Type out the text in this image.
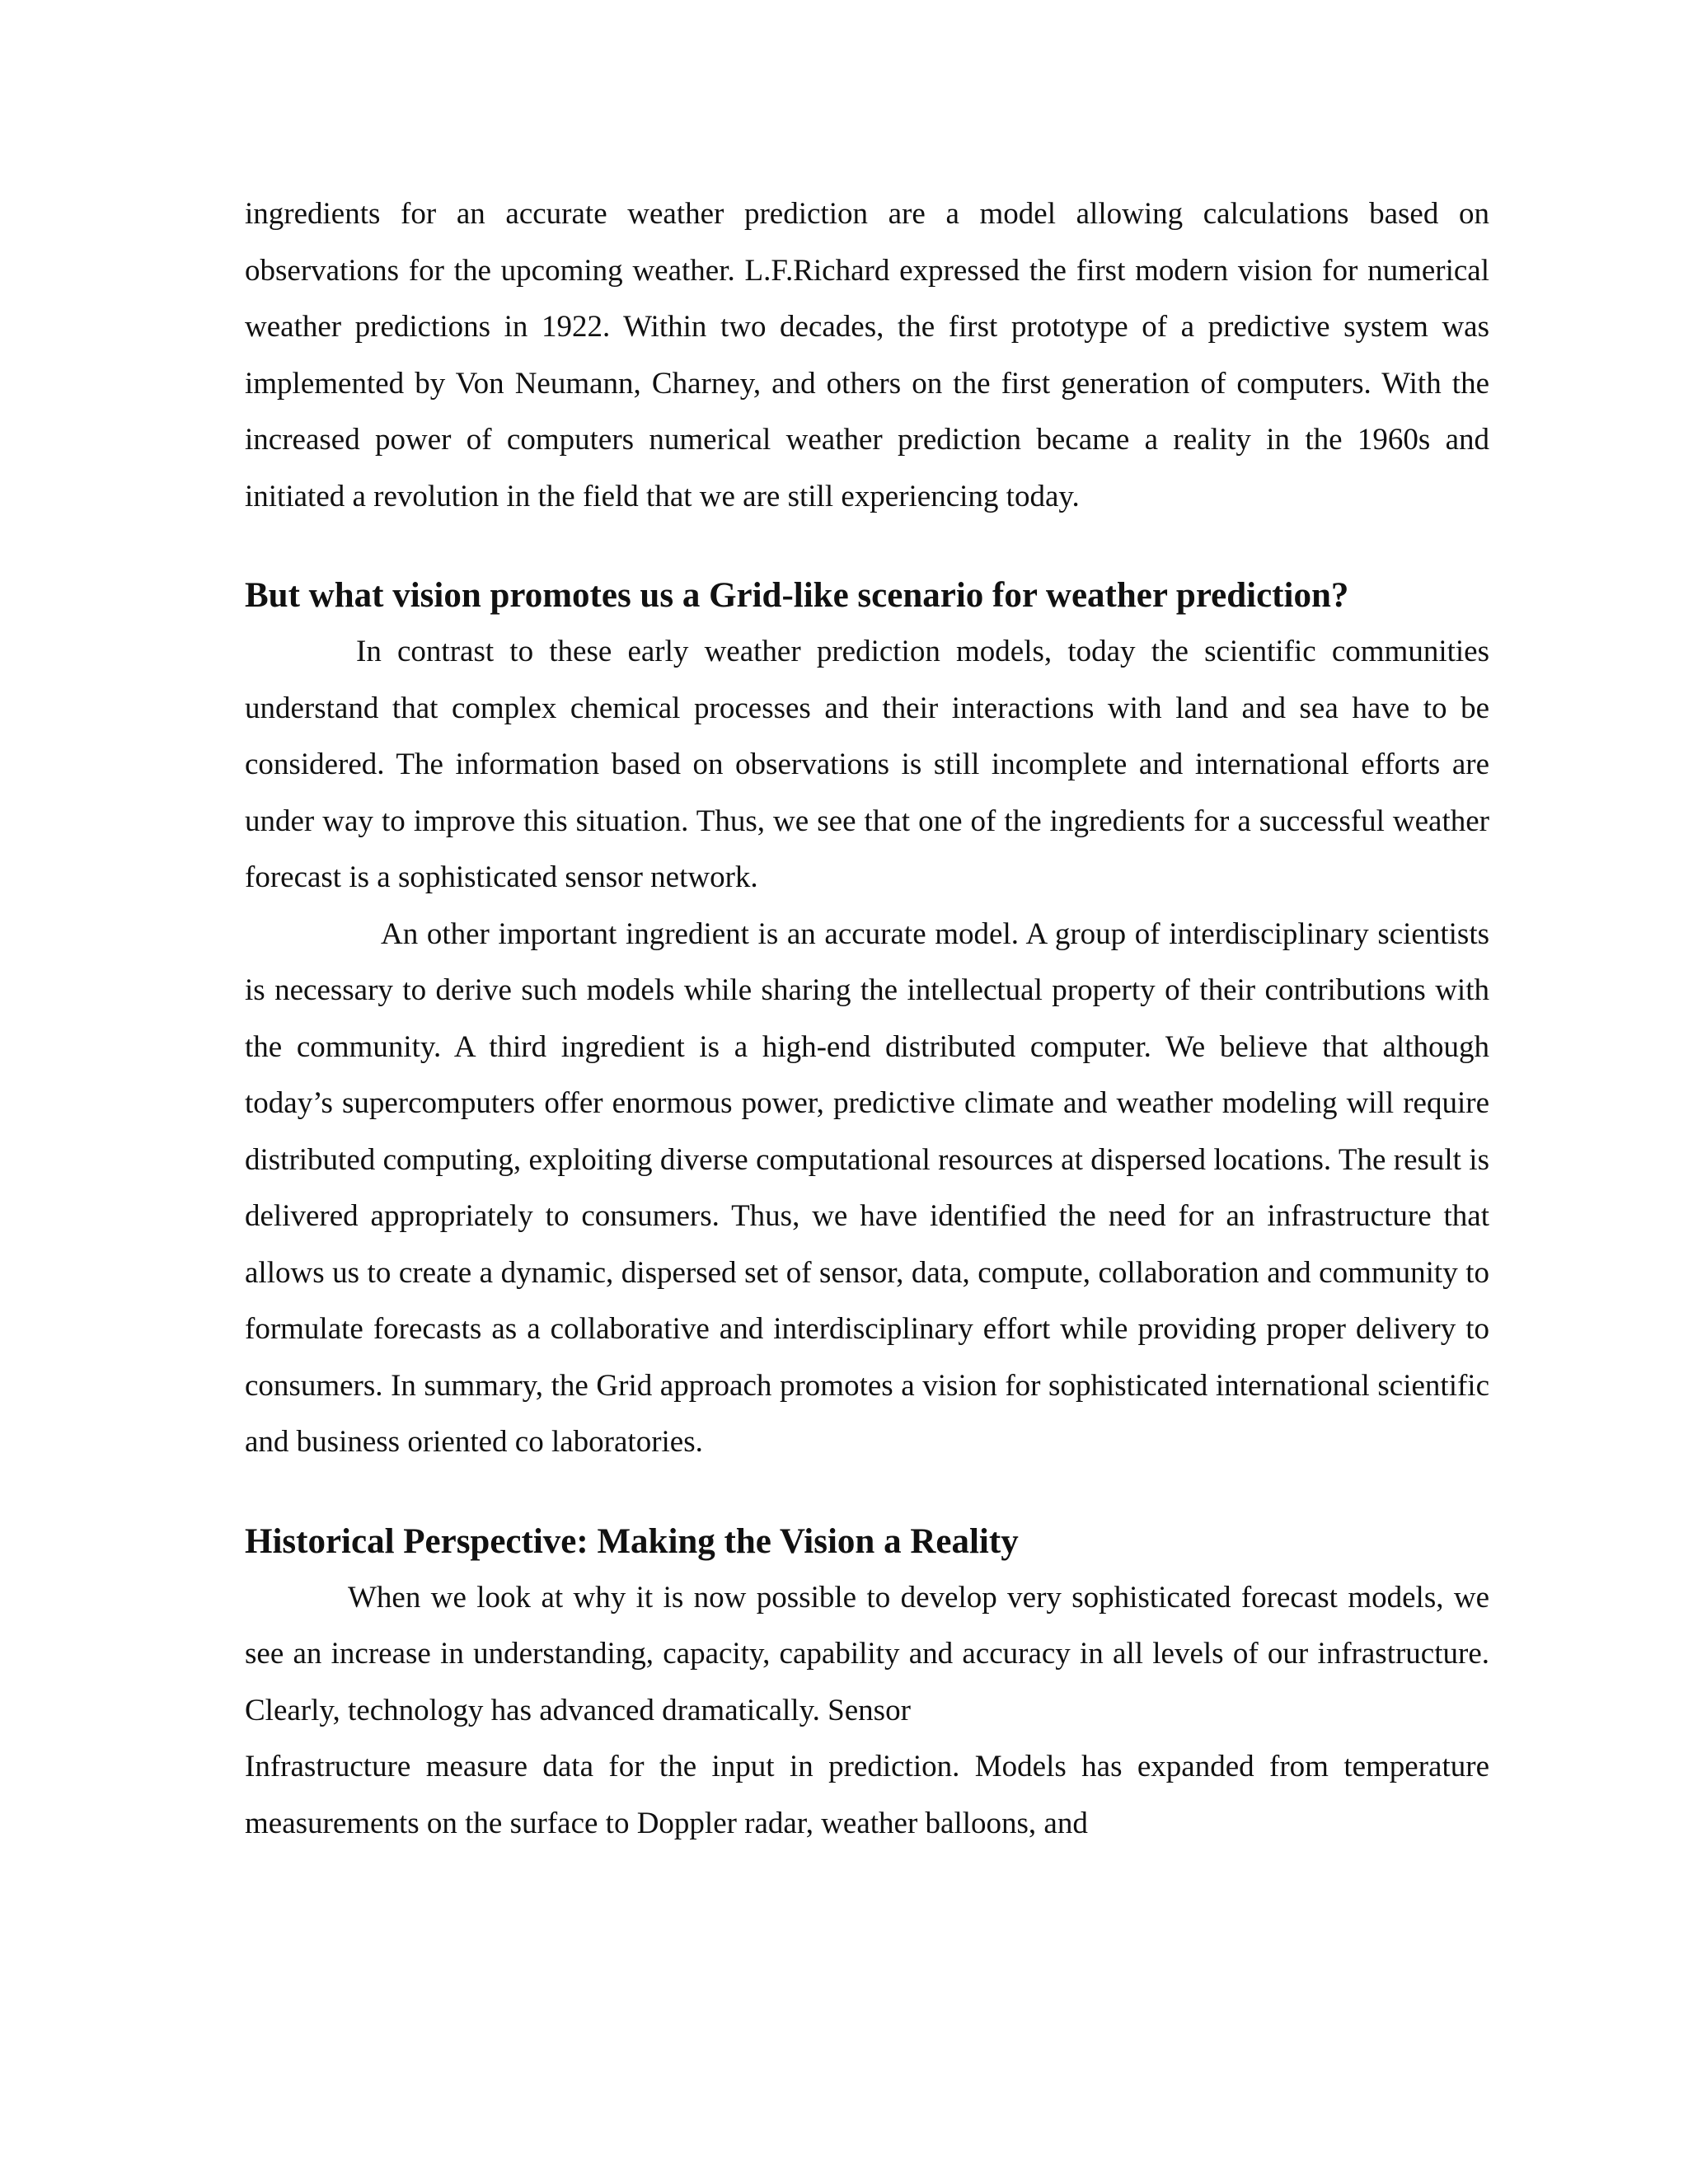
ingredients for an accurate weather prediction are a model allowing calculations based on observations for the upcoming weather. L.F.Richard expressed the first modern vision for numerical weather predictions in 1922. Within two decades, the first prototype of a predictive system was implemented by Von Neumann, Charney, and others on the first generation of computers. With the increased power of computers numerical weather prediction became a reality in the 1960s and initiated a revolution in the field that we are still experiencing today.

But what vision promotes us a Grid-like scenario for weather prediction?

In contrast to these early weather prediction models, today the scientific communities understand that complex chemical processes and their interactions with land and sea have to be considered. The information based on observations is still incomplete and international efforts are under way to improve this situation. Thus, we see that one of the ingredients for a successful weather forecast is a sophisticated sensor network.

An other important ingredient is an accurate model. A group of interdisciplinary scientists is necessary to derive such models while sharing the intellectual property of their contributions with the community. A third ingredient is a high-end distributed computer. We believe that although today’s supercomputers offer enormous power, predictive climate and weather modeling will require distributed computing, exploiting diverse computational resources at dispersed locations. The result is delivered appropriately to consumers. Thus, we have identified the need for an infrastructure that allows us to create a dynamic, dispersed set of sensor, data, compute, collaboration and community to formulate forecasts as a collaborative and interdisciplinary effort while providing proper delivery to consumers. In summary, the Grid approach promotes a vision for sophisticated international scientific and business oriented co laboratories.

Historical Perspective: Making the Vision a Reality

When we look at why it is now possible to develop very sophisticated forecast models, we see an increase in understanding, capacity, capability and accuracy in all levels of our infrastructure. Clearly, technology has advanced dramatically. Sensor

Infrastructure measure data for the input in prediction. Models has expanded from temperature measurements on the surface to Doppler radar, weather balloons, and
